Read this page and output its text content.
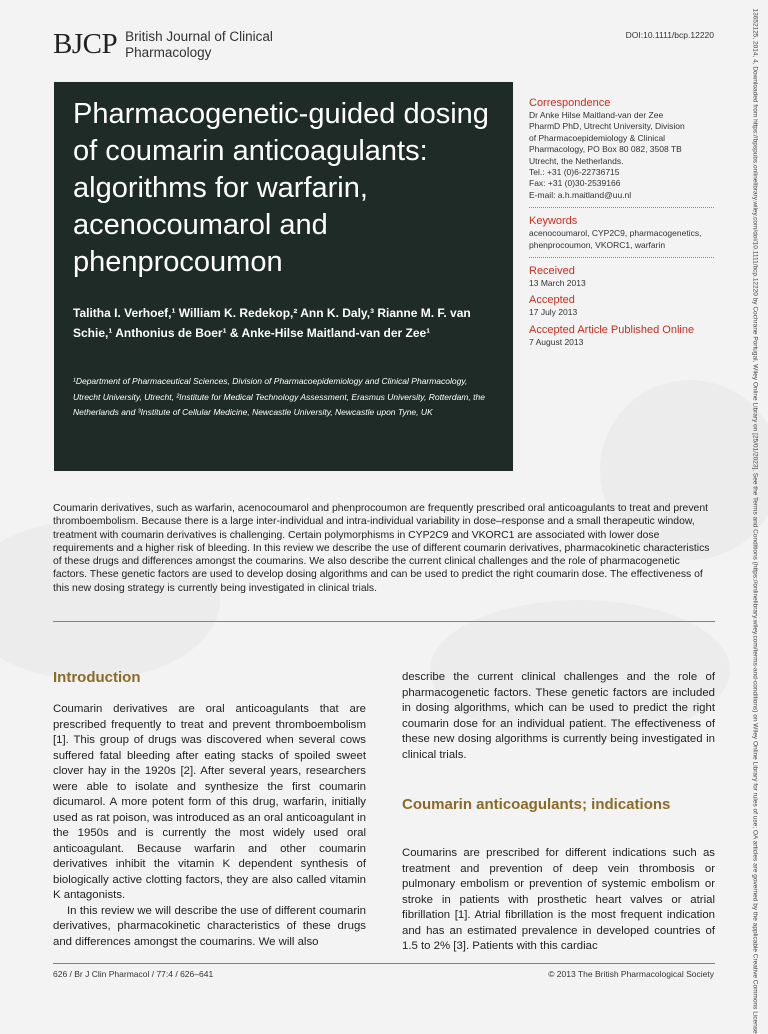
BJCP British Journal of Clinical Pharmacology
DOI:10.1111/bcp.12220
Pharmacogenetic-guided dosing of coumarin anticoagulants: algorithms for warfarin, acenocoumarol and phenprocoumon
Talitha I. Verhoef,¹ William K. Redekop,² Ann K. Daly,³ Rianne M. F. van Schie,¹ Anthonius de Boer¹ & Anke-Hilse Maitland-van der Zee¹
¹Department of Pharmaceutical Sciences, Division of Pharmacoepidemiology and Clinical Pharmacology, Utrecht University, Utrecht, ²Institute for Medical Technology Assessment, Erasmus University, Rotterdam, the Netherlands and ³Institute of Cellular Medicine, Newcastle University, Newcastle upon Tyne, UK
Correspondence

Dr Anke Hilse Maitland-van der Zee

PharmD PhD, Utrecht University, Division

of Pharmacoepidemiology & Clinical

Pharmacology, PO Box 80 082, 3508 TB

Utrecht, the Netherlands.

Tel.: +31 (0)6-22736715

Fax: +31 (0)30-2539166

E-mail: a.h.maitland@uu.nl

Keywords

acenocoumarol, CYP2C9, pharmacogenetics, phenprocoumon, VKORC1, warfarin

Received

13 March 2013

Accepted

17 July 2013

Accepted Article Published Online

7 August 2013

Coumarin derivatives, such as warfarin, acenocoumarol and phenprocoumon are frequently prescribed oral anticoagulants to treat and prevent thromboembolism. Because there is a large inter-individual and intra-individual variability in dose–response and a small therapeutic window, treatment with coumarin derivatives is challenging. Certain polymorphisms in CYP2C9 and VKORC1 are associated with lower dose requirements and a higher risk of bleeding. In this review we describe the use of different coumarin derivatives, pharmacokinetic characteristics of these drugs and differences amongst the coumarins. We also describe the current clinical challenges and the role of pharmacogenetic factors. These genetic factors are used to develop dosing algorithms and can be used to predict the right coumarin dose. The effectiveness of this new dosing strategy is currently being investigated in clinical trials.

Introduction

Coumarin derivatives are oral anticoagulants that are prescribed frequently to treat and prevent thromboembolism [1]. This group of drugs was discovered when several cows suffered fatal bleeding after eating stacks of spoiled sweet clover hay in the 1920s [2]. After several years, researchers were able to isolate and synthesize the first coumarin dicumarol. A more potent form of this drug, warfarin, initially used as rat poison, was introduced as an oral anticoagulant in the 1950s and is currently the most widely used oral anticoagulant. Because warfarin and other coumarin derivatives inhibit the vitamin K dependent synthesis of biologically active clotting factors, they are also called vitamin K antagonists.

In this review we will describe the use of different coumarin derivatives, pharmacokinetic characteristics of these drugs and differences amongst the coumarins. We will also

describe the current clinical challenges and the role of pharmacogenetic factors. These genetic factors are included in dosing algorithms, which can be used to predict the right coumarin dose for an individual patient. The effectiveness of these new dosing algorithms is currently being investigated in clinical trials.

Coumarin anticoagulants; indications

Coumarins are prescribed for different indications such as treatment and prevention of deep vein thrombosis or pulmonary embolism or prevention of systemic embolism or stroke in patients with prosthetic heart valves or atrial fibrillation [1]. Atrial fibrillation is the most frequent indication and has an estimated prevalence in developed countries of 1.5 to 2% [3]. Patients with this cardiac

626 / Br J Clin Pharmacol / 77:4 / 626–641	© 2013 The British Pharmacological Society	13652125, 2014, 4, Downloaded from https://bpspubs.onlinelibrary.wiley.com/doi/10.1111/bcp.12220 by Cochrane Portugal, Wiley Online Library on [25/01/2023]. See the Terms and Conditions (https://onlinelibrary.wiley.com/terms-and-conditions) on Wiley Online Library for rules of use; OA articles are governed by the applicable Creative Commons License
